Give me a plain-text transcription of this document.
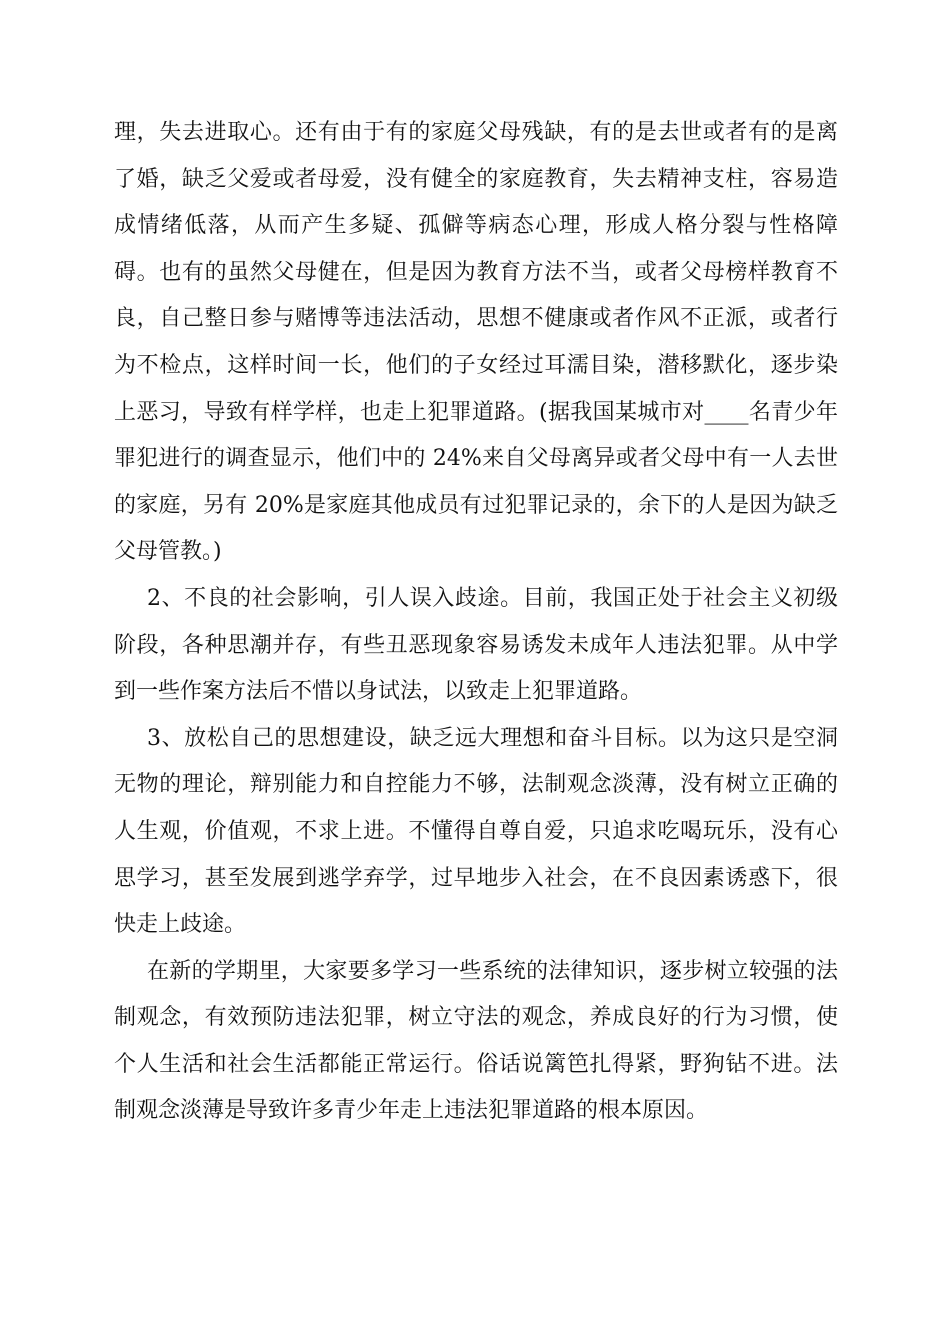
理，失去进取心。还有由于有的家庭父母残缺，有的是去世或者有的是离了婚，缺乏父爱或者母爱，没有健全的家庭教育，失去精神支柱，容易造成情绪低落，从而产生多疑、孤僻等病态心理，形成人格分裂与性格障碍。也有的虽然父母健在，但是因为教育方法不当，或者父母榜样教育不良，自己整日参与赌博等违法活动，思想不健康或者作风不正派，或者行为不检点，这样时间一长，他们的子女经过耳濡目染，潜移默化，逐步染上恶习，导致有样学样，也走上犯罪道路。(据我国某城市对____名青少年罪犯进行的调查显示，他们中的 24%来自父母离异或者父母中有一人去世的家庭，另有 20%是家庭其他成员有过犯罪记录的，余下的人是因为缺乏父母管教。)

2、不良的社会影响，引人误入歧途。目前，我国正处于社会主义初级阶段，各种思潮并存，有些丑恶现象容易诱发未成年人违法犯罪。从中学到一些作案方法后不惜以身试法，以致走上犯罪道路。

3、放松自己的思想建设，缺乏远大理想和奋斗目标。以为这只是空洞无物的理论，辩别能力和自控能力不够，法制观念淡薄，没有树立正确的人生观，价值观，不求上进。不懂得自尊自爱，只追求吃喝玩乐，没有心思学习，甚至发展到逃学弃学，过早地步入社会，在不良因素诱惑下，很快走上歧途。

在新的学期里，大家要多学习一些系统的法律知识，逐步树立较强的法制观念，有效预防违法犯罪，树立守法的观念，养成良好的行为习惯，使个人生活和社会生活都能正常运行。俗话说篱笆扎得紧，野狗钻不进。法制观念淡薄是导致许多青少年走上违法犯罪道路的根本原因。
